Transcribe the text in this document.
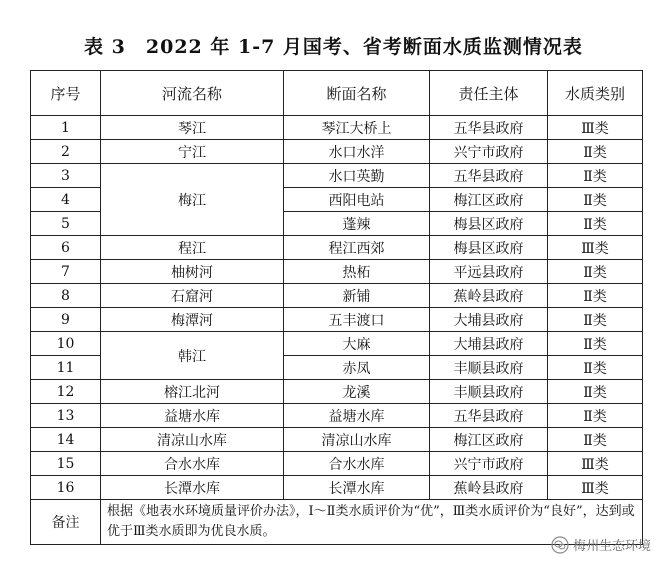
表 3　2022 年 1-7 月国考、省考断面水质监测情况表
序号	河流名称	断面名称	责任主体	水质类别
1	琴江	琴江大桥上	五华县政府	Ⅲ类
2	宁江	水口水洋	兴宁市政府	Ⅱ类
3	梅江	水口英勤	五华县政府	Ⅱ类
4		西阳电站	梅江区政府	Ⅱ类
5		蓬辣	梅县区政府	Ⅱ类
6	程江	程江西郊	梅县区政府	Ⅲ类
7	柚树河	热柘	平远县政府	Ⅱ类
8	石窟河	新铺	蕉岭县政府	Ⅱ类
9	梅潭河	五丰渡口	大埔县政府	Ⅱ类
10	韩江	大麻	大埔县政府	Ⅱ类
11		赤凤	丰顺县政府	Ⅱ类
12	榕江北河	龙溪	丰顺县政府	Ⅱ类
13	益塘水库	益塘水库	五华县政府	Ⅱ类
14	清凉山水库	清凉山水库	梅江区政府	Ⅱ类
15	合水水库	合水水库	兴宁市政府	Ⅲ类
16	长潭水库	长潭水库	蕉岭县政府	Ⅲ类
备注	根据《地表水环境质量评价办法》，Ⅰ～Ⅱ类水质评价为“优”，Ⅲ类水质评价为“良好”，达到或优于Ⅲ类水质即为优良水质。			
梅州生态环境
